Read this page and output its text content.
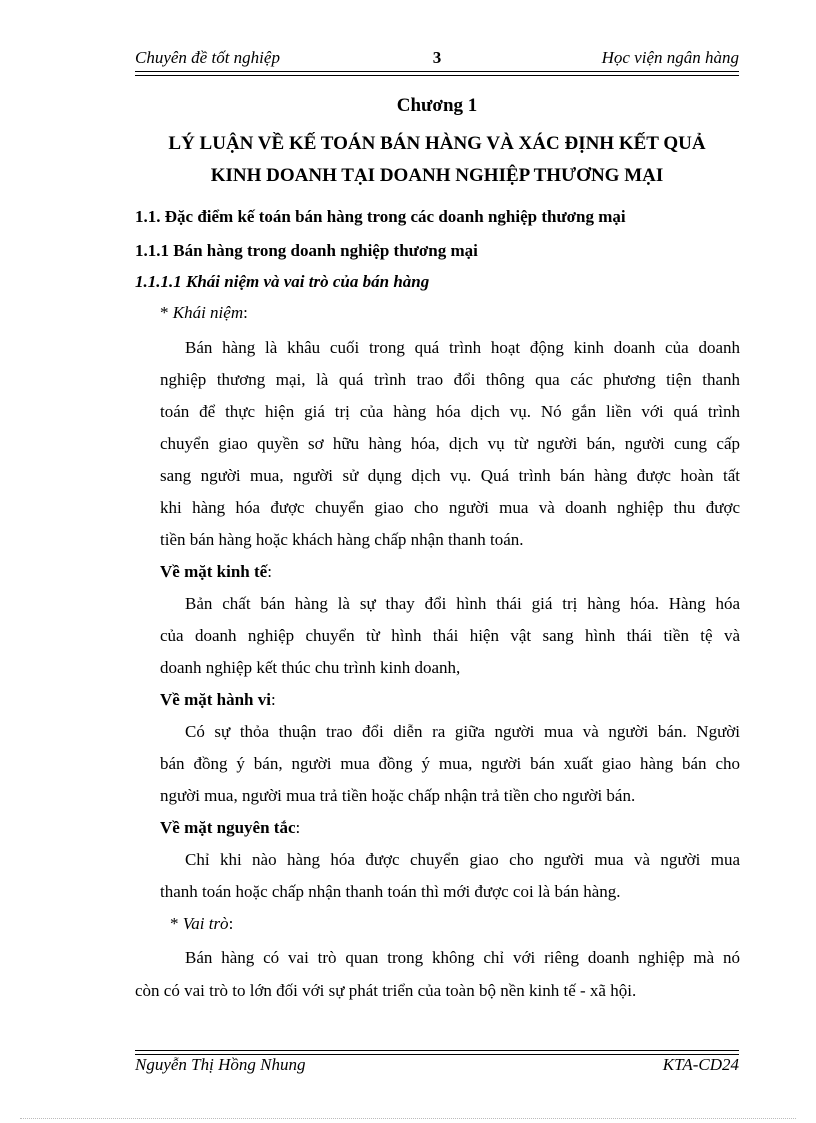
Chuyên đề tốt nghiệp	3	Học viện ngân hàng
Chương 1
LÝ LUẬN VỀ KẾ TOÁN BÁN HÀNG VÀ XÁC ĐỊNH KẾT QUẢ
KINH DOANH TẠI DOANH NGHIỆP THƯƠNG MẠI
1.1. Đặc điểm kế toán bán hàng trong các doanh nghiệp thương mại
1.1.1 Bán hàng trong doanh nghiệp thương mại
1.1.1.1 Khái niệm và vai trò của bán hàng
* Khái niệm:
Bán hàng là khâu cuối trong quá trình hoạt động kinh doanh của doanh
nghiệp thương mại, là quá trình trao đổi thông qua các phương tiện thanh
toán để thực hiện giá trị của hàng hóa dịch vụ. Nó gắn liền với quá trình
chuyển giao quyền sơ hữu hàng hóa, dịch vụ từ người bán, người cung cấp
sang người mua, người sử dụng dịch vụ. Quá trình bán hàng được hoàn tất
khi hàng hóa được chuyển giao cho người mua và doanh nghiệp thu được
tiền bán hàng hoặc khách hàng chấp nhận thanh toán.
Về mặt kinh tế:
Bản chất bán hàng là sự thay đổi hình thái giá trị hàng hóa. Hàng hóa
của doanh nghiệp chuyển từ hình thái hiện vật sang hình thái tiền tệ và
doanh nghiệp kết thúc chu trình kinh doanh,
Về mặt hành vi:
Có sự thỏa thuận trao đổi diễn ra giữa người mua và người bán. Người
bán đồng ý bán, người mua đồng ý mua, người bán xuất giao hàng bán cho
người mua, người mua trả tiền hoặc chấp nhận trả tiền cho người bán.
Về mặt nguyên tắc:
Chỉ khi nào hàng hóa được chuyển giao cho người mua và người mua
thanh toán hoặc chấp nhận thanh toán thì mới được coi là bán hàng.
* Vai trò:
Bán hàng có vai trò quan trong không chỉ với riêng doanh nghiệp mà nó
còn có vai trò to lớn đối với sự phát triển của toàn bộ nền kinh tế - xã hội.
Nguyễn Thị Hồng Nhung	KTA-CD24
